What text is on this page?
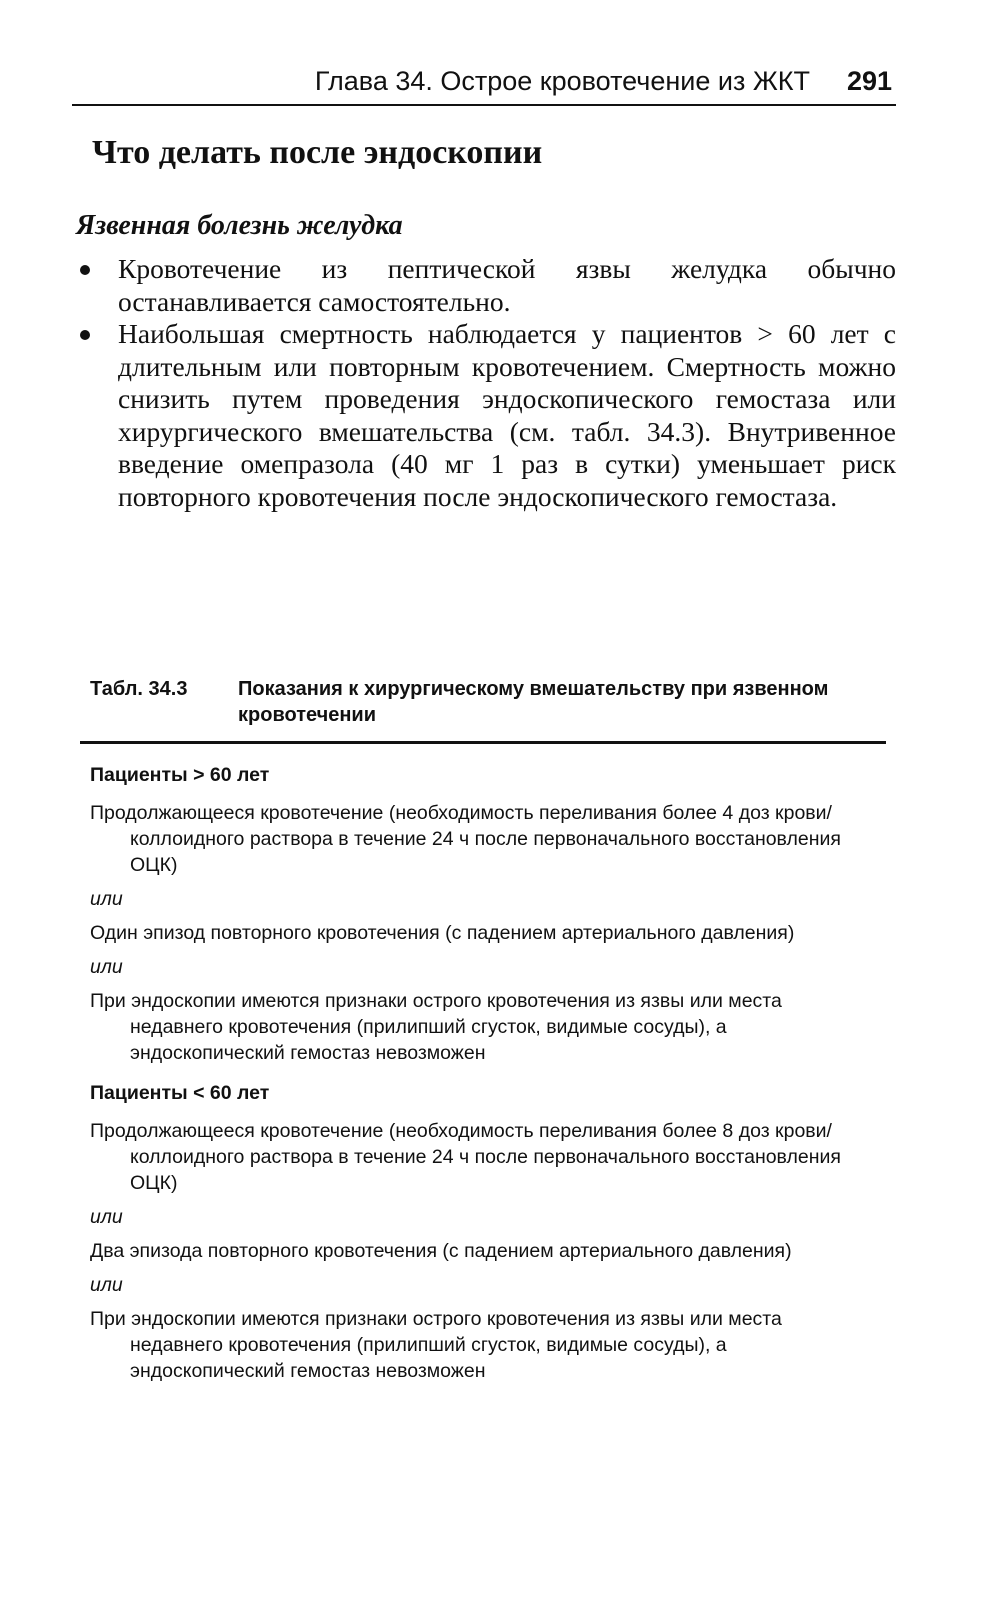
Глава 34. Острое кровотечение из ЖКТ 291
Что делать после эндоскопии
Язвенная болезнь желудка
Кровотечение из пептической язвы желудка обычно останавливается самостоятельно.
Наибольшая смертность наблюдается у пациентов > 60 лет с длительным или повторным кровотечением. Смертность можно снизить путем проведения эндоскопического гемостаза или хирургического вмешательства (см. табл. 34.3). Внутривенное введение омепразола (40 мг 1 раз в сутки) уменьшает риск повторного кровотечения после эндоскопического гемостаза.
Табл. 34.3	Показания к хирургическому вмешательству при язвенном кровотечении

Пациенты > 60 лет

Продолжающееся кровотечение (необходимость переливания более 4 доз крови/коллоидного раствора в течение 24 ч после первоначального восстановления ОЦК)

или

Один эпизод повторного кровотечения (с падением артериального давления)

или

При эндоскопии имеются признаки острого кровотечения из язвы или места недавнего кровотечения (прилипший сгусток, видимые сосуды), а эндоскопический гемостаз невозможен

Пациенты < 60 лет

Продолжающееся кровотечение (необходимость переливания более 8 доз крови/коллоидного раствора в течение 24 ч после первоначального восстановления ОЦК)

или

Два эпизода повторного кровотечения (с падением артериального давления)

или

При эндоскопии имеются признаки острого кровотечения из язвы или места недавнего кровотечения (прилипший сгусток, видимые сосуды), а эндоскопический гемостаз невозможен
